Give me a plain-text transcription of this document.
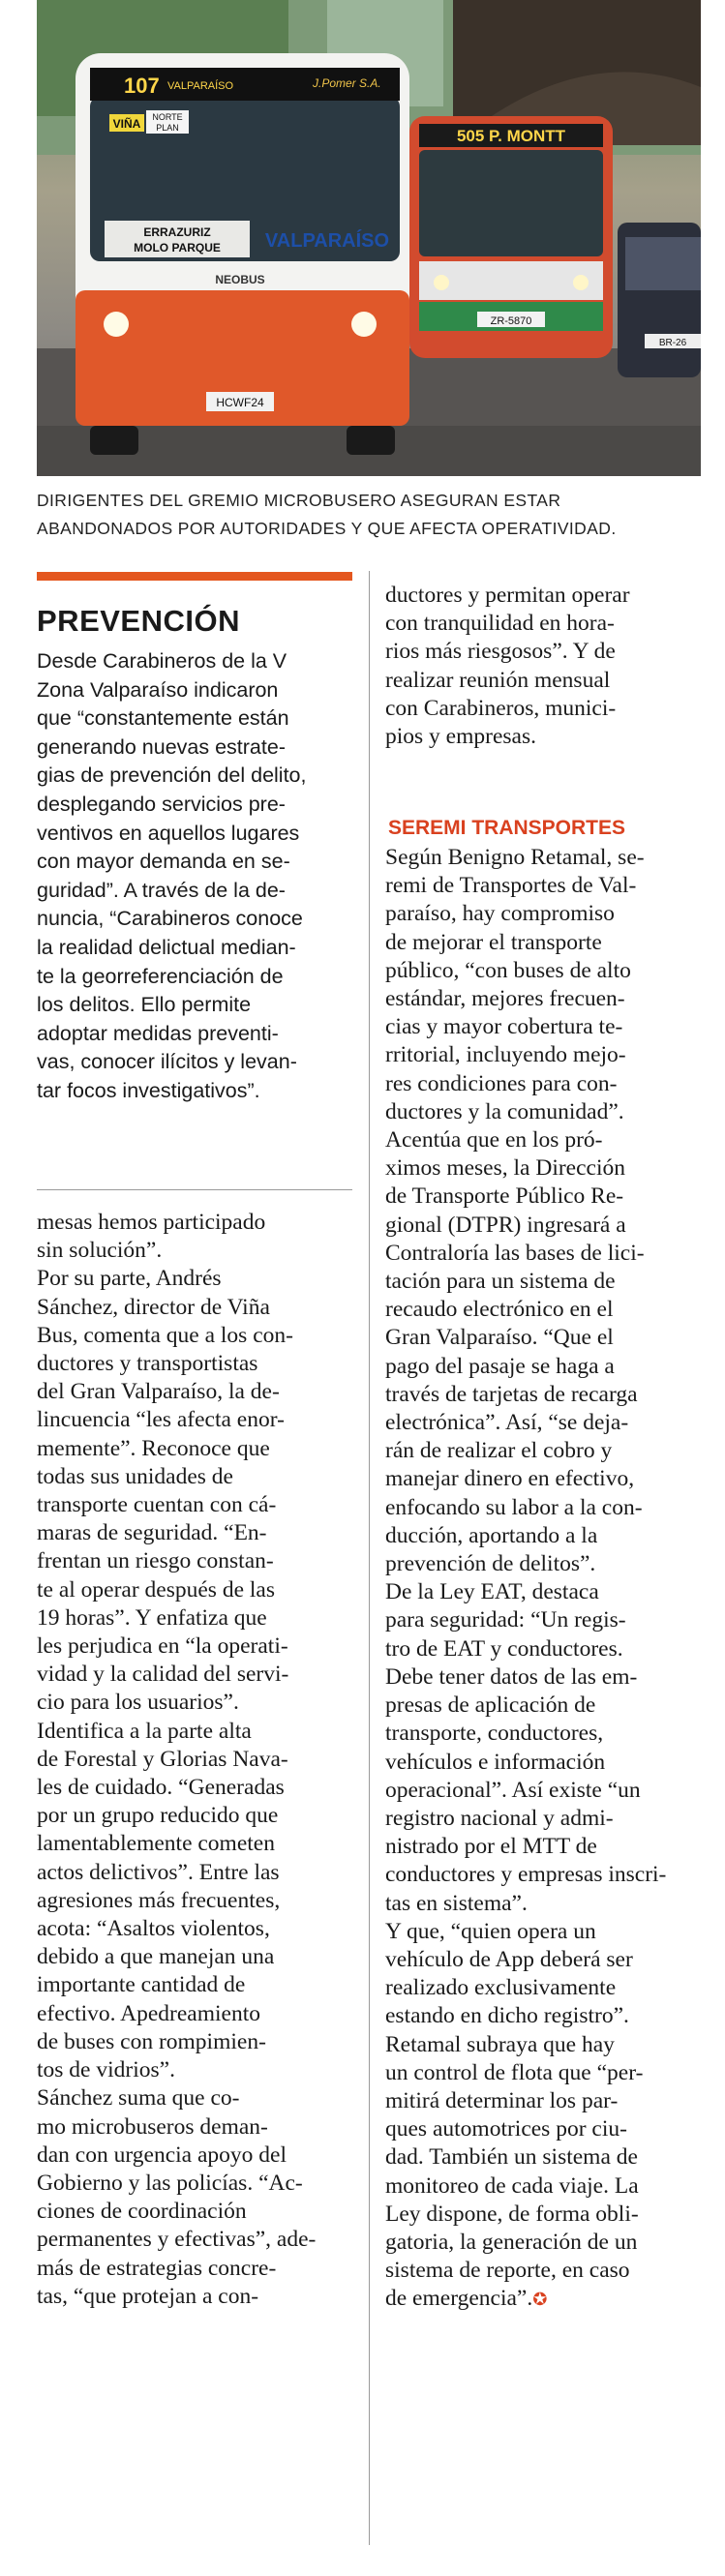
505 P. MONTT
ZR-5870
BR-26
107 VALPARAÍSO	J.Pomer S.A.
VIÑA NORTE
PLAN
ERRAZURIZ
MOLO PARQUE VALPARAÍSO
NEOBUS
HCWF24
DIRIGENTES DEL GREMIO MICROBUSERO ASEGURAN ESTAR
ABANDONADOS POR AUTORIDADES Y QUE AFECTA OPERATIVIDAD.
PREVENCIÓN
Desde Carabineros de la V
Zona Valparaíso indicaron
que “constantemente están
generando nuevas estrate-
gias de prevención del delito,
desplegando servicios pre-
ventivos en aquellos lugares
con mayor demanda en se-
guridad”. A través de la de-
nuncia, “Carabineros conoce
la realidad delictual median-
te la georreferenciación de
los delitos. Ello permite
adoptar medidas preventi-
vas, conocer ilícitos y levan-
tar focos investigativos”.
mesas hemos participado
sin solución”.
Por su parte, Andrés
Sánchez, director de Viña
Bus, comenta que a los con-
ductores y transportistas
del Gran Valparaíso, la de-
lincuencia “les afecta enor-
memente”. Reconoce que
todas sus unidades de
transporte cuentan con cá-
maras de seguridad. “En-
frentan un riesgo constan-
te al operar después de las
19 horas”. Y enfatiza que
les perjudica en “la operati-
vidad y la calidad del servi-
cio para los usuarios”.
Identifica a la parte alta
de Forestal y Glorias Nava-
les de cuidado. “Generadas
por un grupo reducido que
lamentablemente cometen
actos delictivos”. Entre las
agresiones más frecuentes,
acota: “Asaltos violentos,
debido a que manejan una
importante cantidad de
efectivo. Apedreamiento
de buses con rompimien-
tos de vidrios”.
Sánchez suma que co-
mo microbuseros deman-
dan con urgencia apoyo del
Gobierno y las policías. “Ac-
ciones de coordinación
permanentes y efectivas”, ade-
más de estrategias concre-
tas, “que protejan a con-
ductores y permitan operar
con tranquilidad en hora-
rios más riesgosos”. Y de
realizar reunión mensual
con Carabineros, munici-
pios y empresas.
SEREMI TRANSPORTES
Según Benigno Retamal, se-
remi de Transportes de Val-
paraíso, hay compromiso
de mejorar el transporte
público, “con buses de alto
estándar, mejores frecuen-
cias y mayor cobertura te-
rritorial, incluyendo mejo-
res condiciones para con-
ductores y la comunidad”.
Acentúa que en los pró-
ximos meses, la Dirección
de Transporte Público Re-
gional (DTPR) ingresará a
Contraloría las bases de lici-
tación para un sistema de
recaudo electrónico en el
Gran Valparaíso. “Que el
pago del pasaje se haga a
través de tarjetas de recarga
electrónica”. Así, “se deja-
rán de realizar el cobro y
manejar dinero en efectivo,
enfocando su labor a la con-
ducción, aportando a la
prevención de delitos”.
De la Ley EAT, destaca
para seguridad: “Un regis-
tro de EAT y conductores.
Debe tener datos de las em-
presas de aplicación de
transporte, conductores,
vehículos e información
operacional”. Así existe “un
registro nacional y admi-
nistrado por el MTT de
conductores y empresas inscri-
tas en sistema”.
Y que, “quien opera un
vehículo de App deberá ser
realizado exclusivamente
estando en dicho registro”.
Retamal subraya que hay
un control de flota que “per-
mitirá determinar los par-
ques automotrices por ciu-
dad. También un sistema de
monitoreo de cada viaje. La
Ley dispone, de forma obli-
gatoria, la generación de un
sistema de reporte, en caso
de emergencia”.✪
